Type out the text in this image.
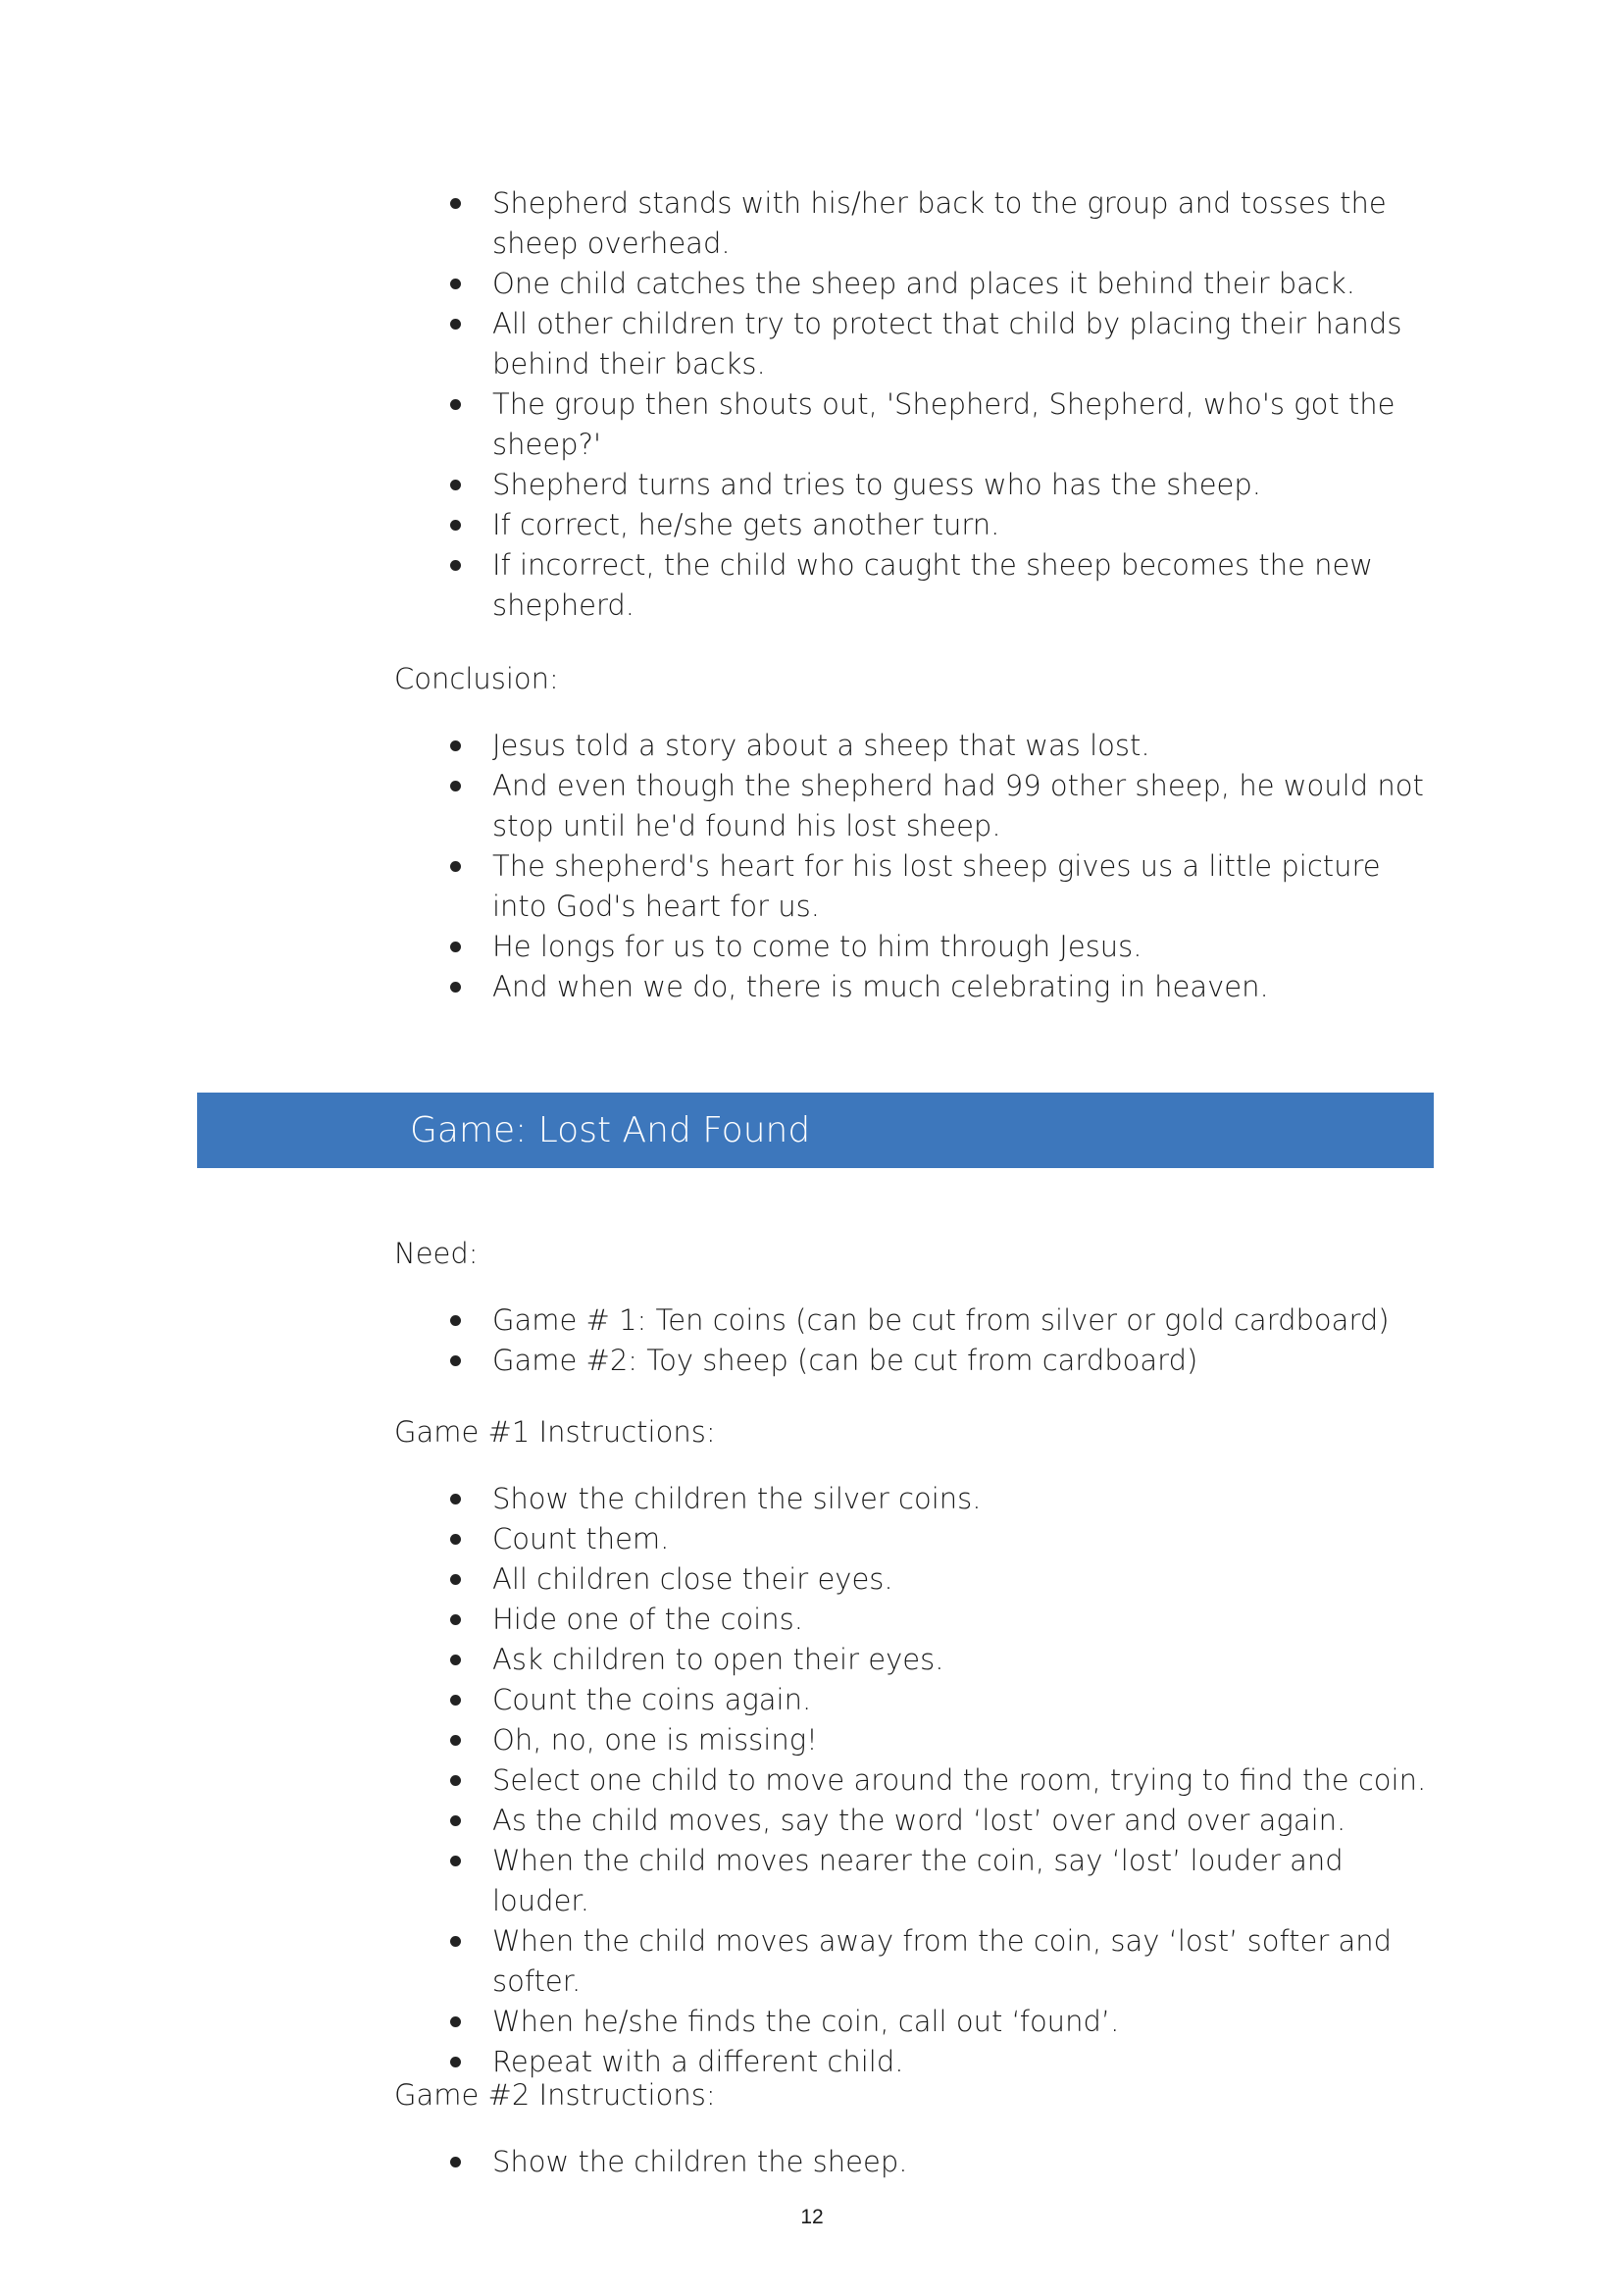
Shepherd stands with his/her back to the group and tosses the sheep overhead.
One child catches the sheep and places it behind their back.
All other children try to protect that child by placing their hands behind their backs.
The group then shouts out, 'Shepherd, Shepherd, who's got the sheep?'
Shepherd turns and tries to guess who has the sheep.
If correct, he/she gets another turn.
If incorrect, the child who caught the sheep becomes the new shepherd.

Conclusion:

Jesus told a story about a sheep that was lost.
And even though the shepherd had 99 other sheep, he would not stop until he'd found his lost sheep.
The shepherd's heart for his lost sheep gives us a little picture into God's heart for us.
He longs for us to come to him through Jesus.
And when we do, there is much celebrating in heaven.
Game: Lost And Found

Need:

Game # 1: Ten coins (can be cut from silver or gold cardboard)
Game #2: Toy sheep (can be cut from cardboard)

Game #1 Instructions:

Show the children the silver coins.
Count them.
All children close their eyes.
Hide one of the coins.
Ask children to open their eyes.
Count the coins again.
Oh, no, one is missing!
Select one child to move around the room, trying to find the coin.
As the child moves, say the word ‘lost’ over and over again.
When the child moves nearer the coin, say ‘lost’ louder and louder.
When the child moves away from the coin, say ‘lost’ softer and softer.
When he/she finds the coin, call out ‘found’.
Repeat with a different child.

Game #2 Instructions:

Show the children the sheep.
12
